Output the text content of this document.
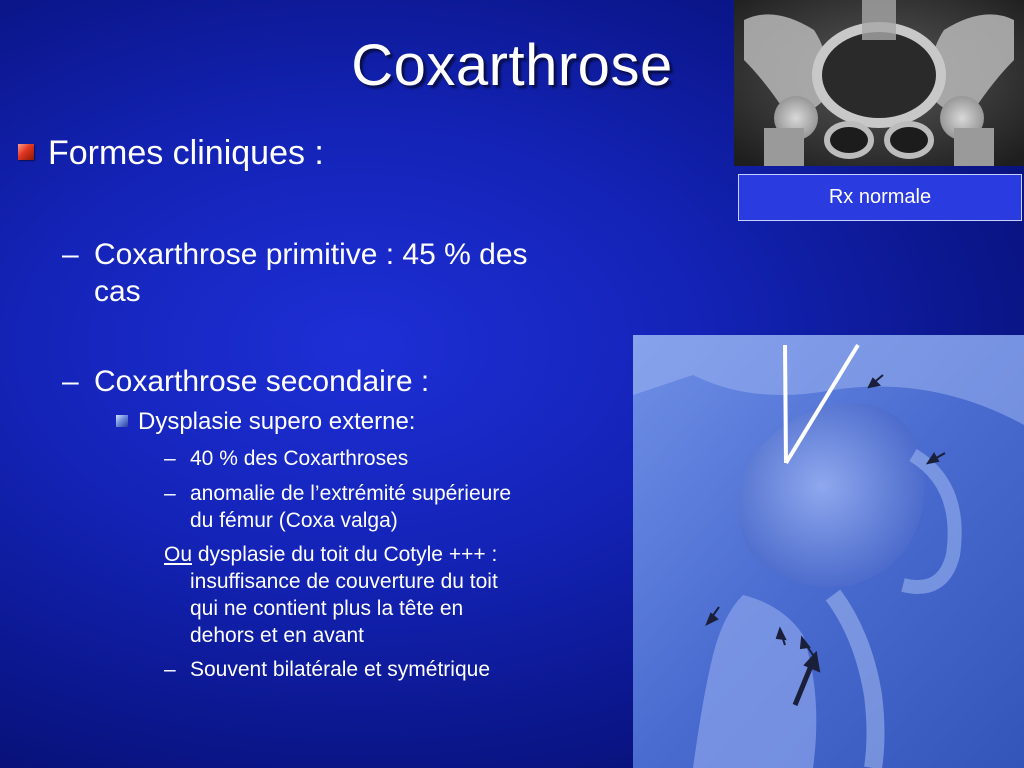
Coxarthrose
Formes cliniques :
– Coxarthrose primitive : 45 % des
cas
– Coxarthrose secondaire :
Dysplasie supero externe:
– 40 % des Coxarthroses
– anomalie de l’extrémité supérieure
du fémur (Coxa valga)
Ou dysplasie du toit du Cotyle +++ :
insuffisance de couverture du toit
qui ne contient plus la tête en
dehors et en avant
– Souvent bilatérale et symétrique
Rx normale
